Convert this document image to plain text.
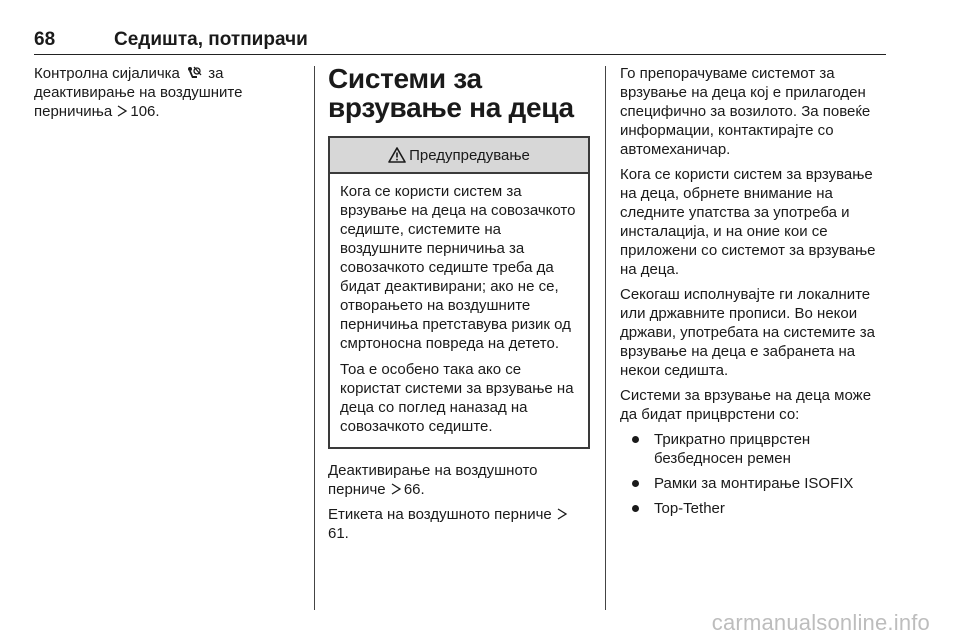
68	Седишта, потпирачи

Контролна сијаличка за деактивирање на воздушните перничиња 106.

Системи за врзување на деца
Предупредување

Кога се користи систем за врзување на деца на совозачкото седиште, системите на воздушните перничиња за совозачкото седиште треба да бидат деактивирани; ако не се, отворањето на воздушните перничиња претставува ризик од смртоносна повреда на детето.

Тоа е особено така ако се користат системи за врзување на деца со поглед наназад на совозачкото седиште.

Деактивирање на воздушното перниче 66.

Етикета на воздушното перниче 61.

Го препорачуваме системот за врзување на деца кој е прилагоден специфично за возилото. За повеќе информации, контактирајте со автомеханичар.

Кога се користи систем за врзување на деца, обрнете внимание на следните упатства за употреба и инсталација, и на оние кои се приложени со системот за врзување на деца.

Секогаш исполнувајте ги локалните или државните прописи. Во некои држави, употребата на системите за врзување на деца е забранета на некои седишта.

Системи за врзување на деца може да бидат прицврстени со:

Трикратно прицврстен безбедносен ремен
Рамки за монтирање ISOFIX
Top-Tether
carmanualsonline.info
